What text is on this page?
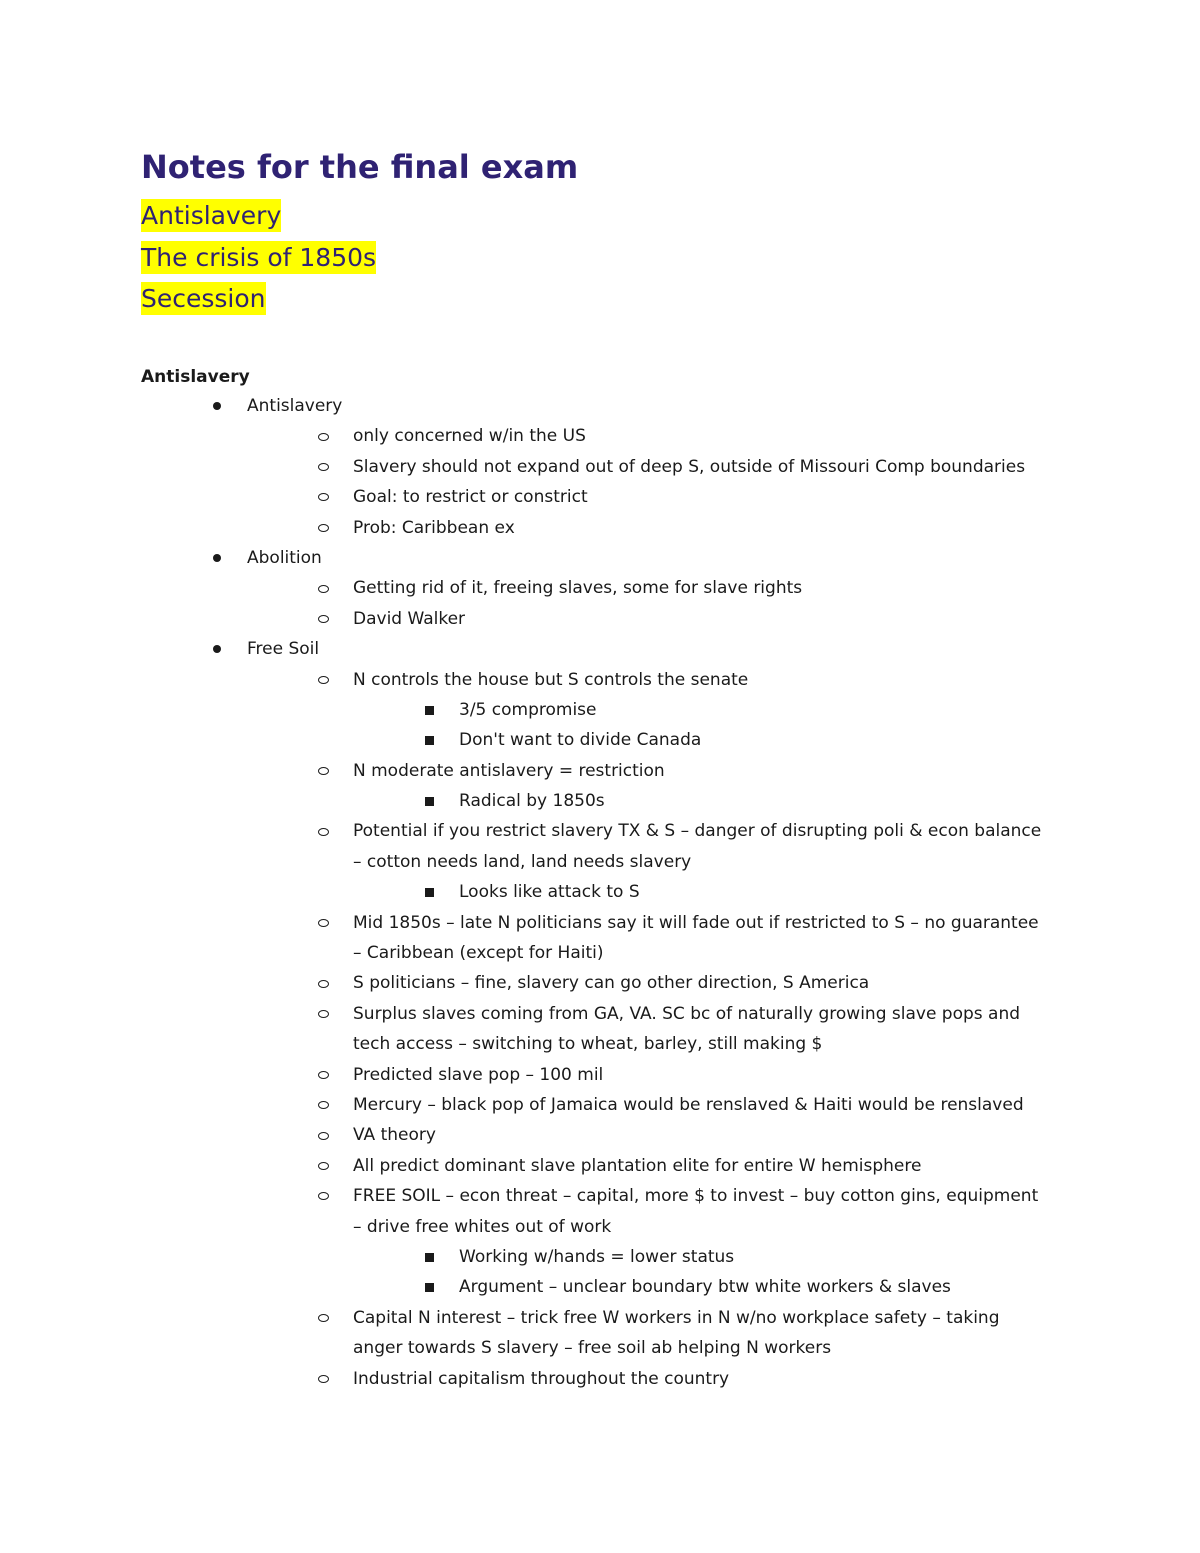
Notes for the final exam
Antislavery
The crisis of 1850s
Secession
Antislavery
Antislavery
only concerned w/in the US
Slavery should not expand out of deep S, outside of Missouri Comp boundaries
Goal: to restrict or constrict
Prob: Caribbean ex
Abolition
Getting rid of it, freeing slaves, some for slave rights
David Walker
Free Soil
N controls the house but S controls the senate
3/5 compromise
Don't want to divide Canada
N moderate antislavery = restriction
Radical by 1850s
Potential if you restrict slavery TX & S – danger of disrupting poli & econ balance
– cotton needs land, land needs slavery
Looks like attack to S
Mid 1850s – late N politicians say it will fade out if restricted to S – no guarantee
– Caribbean (except for Haiti)
S politicians – fine, slavery can go other direction, S America
Surplus slaves coming from GA, VA. SC bc of naturally growing slave pops and
tech access – switching to wheat, barley, still making $
Predicted slave pop – 100 mil
Mercury – black pop of Jamaica would be renslaved & Haiti would be renslaved
VA theory
All predict dominant slave plantation elite for entire W hemisphere
FREE SOIL – econ threat – capital, more $ to invest – buy cotton gins, equipment
– drive free whites out of work
Working w/hands = lower status
Argument – unclear boundary btw white workers & slaves
Capital N interest – trick free W workers in N w/no workplace safety – taking
anger towards S slavery – free soil ab helping N workers
Industrial capitalism throughout the country
